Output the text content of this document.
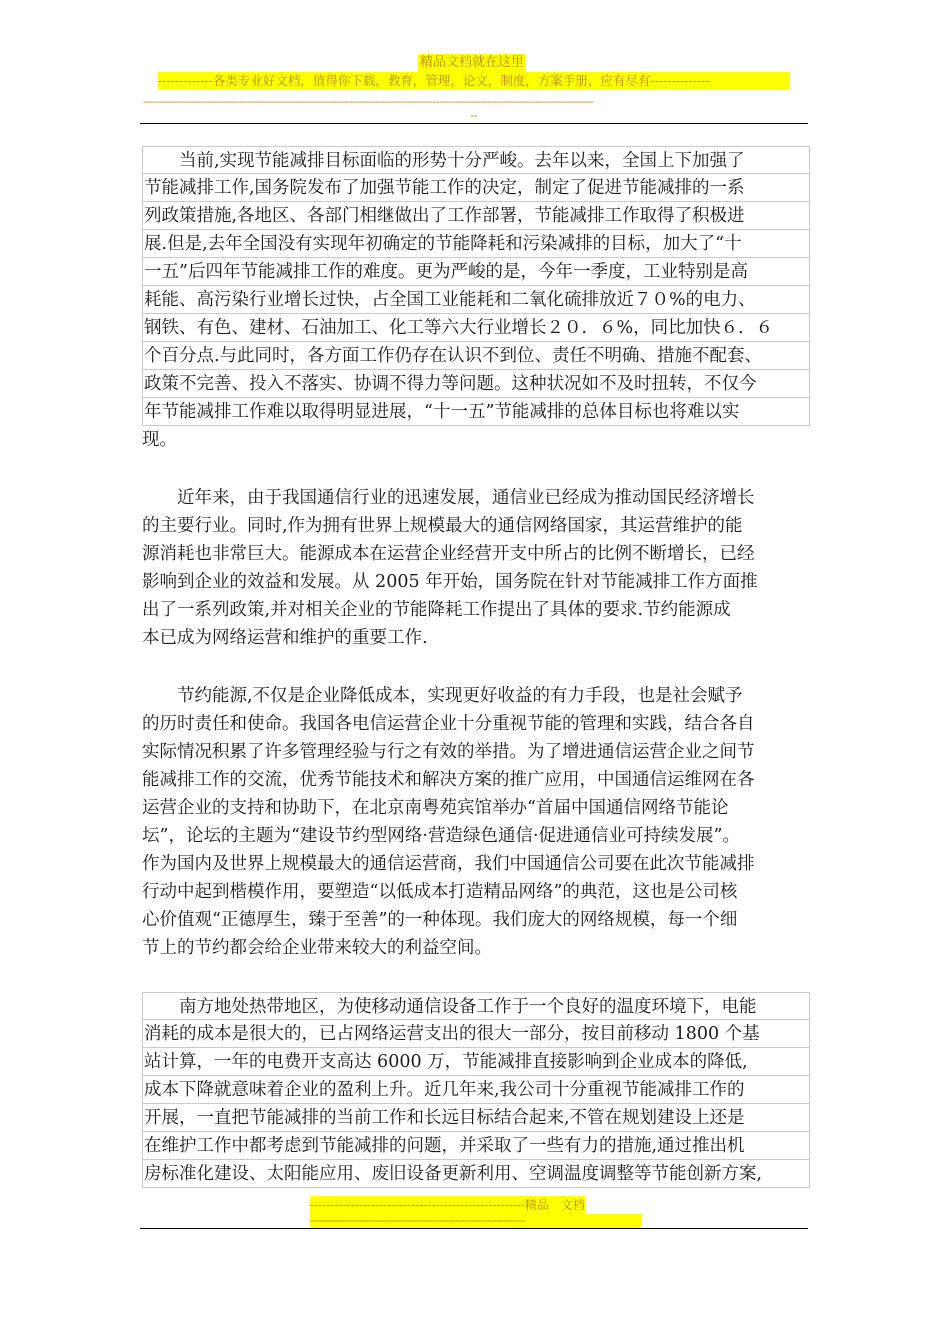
精品文档就在这里
-------------各类专业好文档，值得你下载，教育，管理，论文，制度，方案手册，应有尽有--------------
--------------------------------------------------------------------------------------------------------------------------------------------
--
　　当前,实现节能减排目标面临的形势十分严峻。去年以来，全国上下加强了
节能减排工作,国务院发布了加强节能工作的决定，制定了促进节能减排的一系
列政策措施,各地区、各部门相继做出了工作部署，节能减排工作取得了积极进
展.但是,去年全国没有实现年初确定的节能降耗和污染减排的目标，加大了“十
一五”后四年节能减排工作的难度。更为严峻的是，今年一季度，工业特别是高
耗能、高污染行业增长过快，占全国工业能耗和二氧化硫排放近７０%的电力、
钢铁、有色、建材、石油加工、化工等六大行业增长２０．６%，同比加快６．６
个百分点.与此同时，各方面工作仍存在认识不到位、责任不明确、措施不配套、
政策不完善、投入不落实、协调不得力等问题。这种状况如不及时扭转，不仅今
年节能减排工作难以取得明显进展，“十一五”节能减排的总体目标也将难以实
现。
　　近年来，由于我国通信行业的迅速发展，通信业已经成为推动国民经济增长
的主要行业。同时,作为拥有世界上规模最大的通信网络国家，其运营维护的能
源消耗也非常巨大。能源成本在运营企业经营开支中所占的比例不断增长，已经
影响到企业的效益和发展。从 2005 年开始，国务院在针对节能减排工作方面推
出了一系列政策,并对相关企业的节能降耗工作提出了具体的要求.节约能源成
本已成为网络运营和维护的重要工作.
　　节约能源,不仅是企业降低成本，实现更好收益的有力手段，也是社会赋予
的历时责任和使命。我国各电信运营企业十分重视节能的管理和实践，结合各自
实际情况积累了许多管理经验与行之有效的举措。为了增进通信运营企业之间节
能减排工作的交流，优秀节能技术和解决方案的推广应用，中国通信运维网在各
运营企业的支持和协助下，在北京南粤苑宾馆举办“首届中国通信网络节能论
坛”，论坛的主题为“建设节约型网络·营造绿色通信·促进通信业可持续发展”。
作为国内及世界上规模最大的通信运营商，我们中国通信公司要在此次节能减排
行动中起到楷模作用，要塑造“以低成本打造精品网络”的典范，这也是公司核
心价值观“正德厚生，臻于至善”的一种体现。我们庞大的网络规模，每一个细
节上的节约都会给企业带来较大的利益空间。
　　南方地处热带地区，为使移动通信设备工作于一个良好的温度环境下，电能
消耗的成本是很大的，已占网络运营支出的很大一部分，按目前移动 1800 个基
站计算，一年的电费开支高达 6000 万，节能减排直接影响到企业成本的降低,
成本下降就意味着企业的盈利上升。近几年来,我公司十分重视节能减排工作的
开展，一直把节能减排的当前工作和长远目标结合起来,不管在规划建设上还是
在维护工作中都考虑到节能减排的问题，并采取了一些有力的措施,通过推出机
房标准化建设、太阳能应用、废旧设备更新利用、空调温度调整等节能创新方案,
-----------------------------------------------------精品　文档
-------------------------------------------------------------------
